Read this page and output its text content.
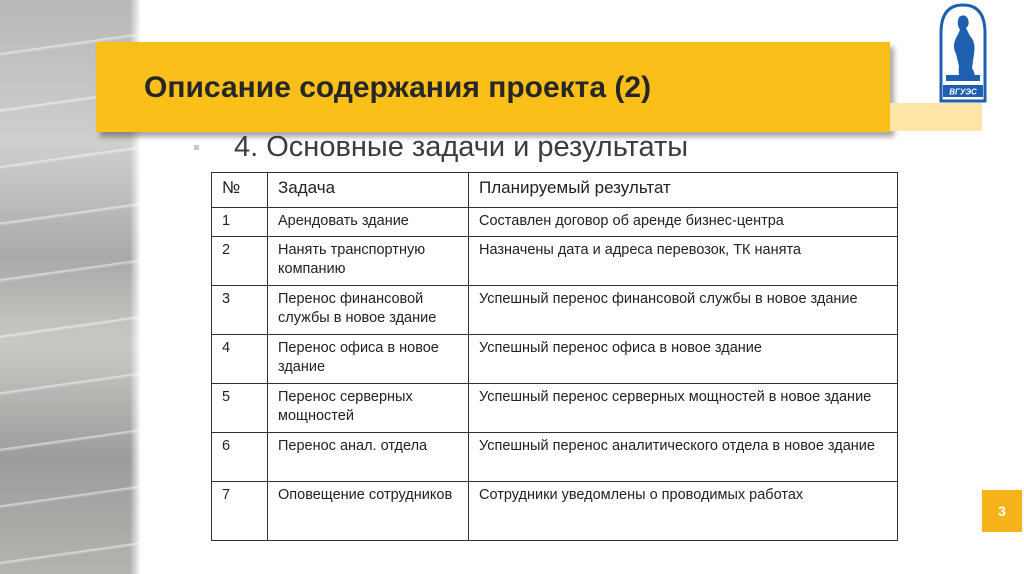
Описание содержания проекта (2)	ВГУЭС
4. Основные задачи и результаты
№	Задача	Планируемый результат
1	Арендовать здание	Составлен договор об аренде бизнес-центра
2	Нанять транспортную компанию	Назначены дата и адреса перевозок, ТК нанята
3	Перенос финансовой службы в новое здание	Успешный перенос финансовой службы в новое здание
4	Перенос офиса в новое здание	Успешный перенос офиса в новое здание
5	Перенос серверных мощностей	Успешный перенос серверных мощностей в новое здание
6	Перенос анал. отдела	Успешный перенос аналитического отдела в новое здание
7	Оповещение сотрудников	Сотрудники уведомлены о проводимых работах
3
